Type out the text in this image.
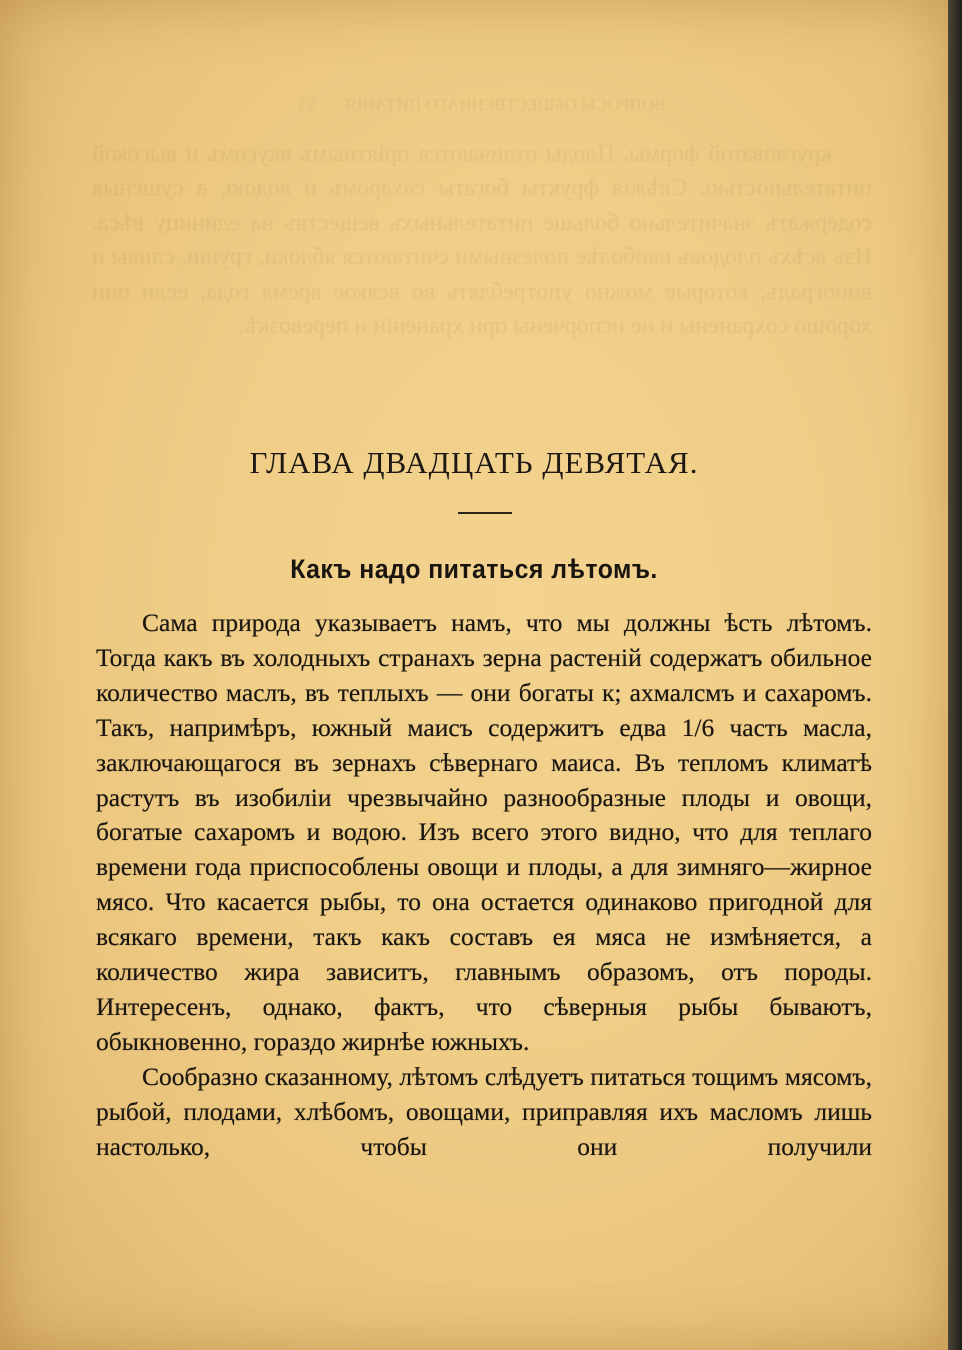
ВОПРОСЫ ОБЩЕСТВЕННАГО ПИТАНІЯ.      93

кругловатой формы. Плоды отличаются пріятнымъ вкусомъ и высокой питательностью. Свѣжія фрукты богаты сахаромъ и водою, а сушеныя содержатъ значительно больше питательныхъ веществъ на единицу вѣса. Изъ всѣхъ плодовъ наиболѣе полезными считаются яблоки, груши, сливы и виноградъ, которые можно употреблять во всякое время года, если они хорошо сохранены и не испорчены при храненіи и перевозкѣ.

ГЛАВА ДВАДЦАТЬ ДЕВЯТАЯ.
Какъ надо питаться лѣтомъ.

Сама природа указываетъ намъ, что мы должны ѣсть лѣтомъ. Тогда какъ въ холодныхъ странахъ зерна растеній содержатъ обильное количество маслъ, въ теплыхъ — они богаты к; ахмалсмъ и сахаромъ. Такъ, напримѣръ, южный маисъ содержитъ едва 1/6 часть масла, заключающагося въ зернахъ сѣвернаго маиса. Въ тепломъ климатѣ растутъ въ изобиліи чрезвычайно разнообразные плоды и овощи, богатые сахаромъ и водою. Изъ всего этого видно, что для теплаго времени года приспособлены овощи и плоды, а для зимняго—жирное мясо. Что касается рыбы, то она остается одинаково пригодной для всякаго времени, такъ какъ составъ ея мяса не измѣняется, а количество жира зависитъ, главнымъ образомъ, отъ породы. Интересенъ, однако, фактъ, что сѣверныя рыбы бываютъ, обыкновенно, гораздо жирнѣе южныхъ.

Сообразно сказанному, лѣтомъ слѣдуетъ питаться тощимъ мясомъ, рыбой, плодами, хлѣбомъ, овощами, приправляя ихъ масломъ лишь настолько, чтобы они получили
